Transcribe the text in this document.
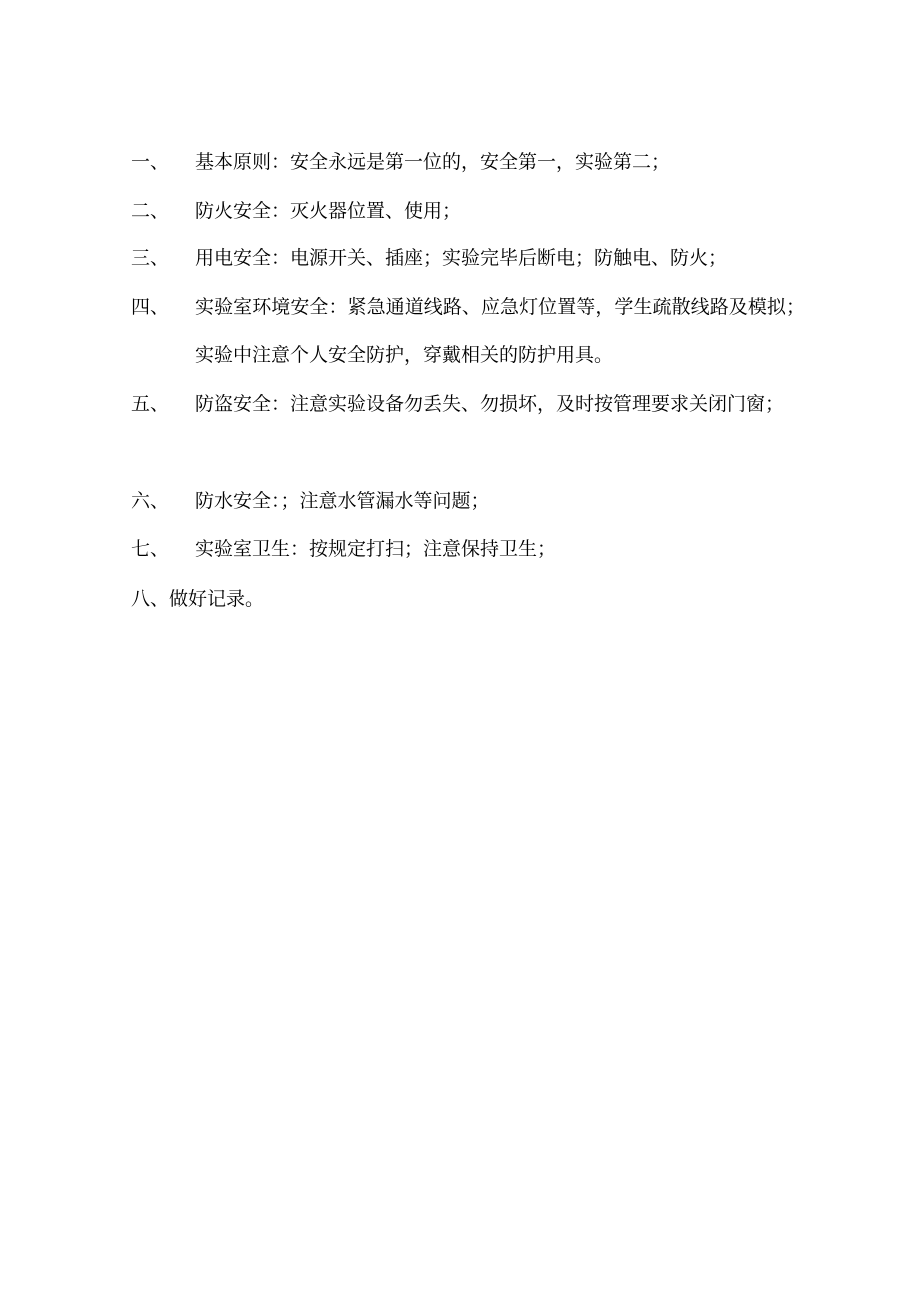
一、 基本原则：安全永远是第一位的，安全第一，实验第二；
二、 防火安全：灭火器位置、使用；
三、 用电安全：电源开关、插座；实验完毕后断电；防触电、防火；
四、 实验室环境安全：紧急通道线路、应急灯位置等，学生疏散线路及模拟；实验中注意个人安全防护，穿戴相关的防护用具。
五、 防盗安全：注意实验设备勿丢失、勿损坏，及时按管理要求关闭门窗；
六、 防水安全：；注意水管漏水等问题；
七、 实验室卫生：按规定打扫；注意保持卫生；
八、做好记录。
